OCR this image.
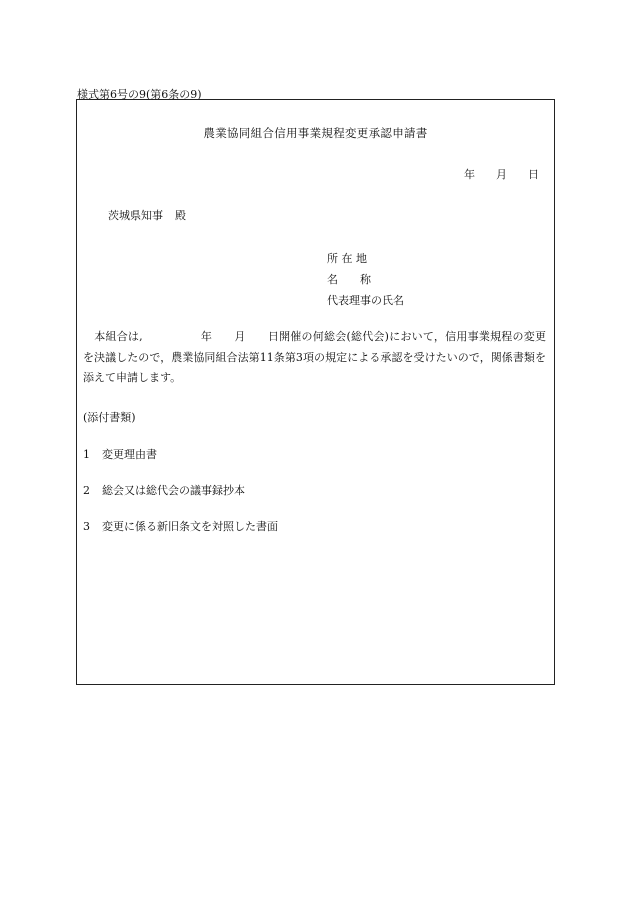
様式第6号の9(第6条の9)
農業協同組合信用事業規程変更承認申請書
年 月 日
茨城県知事 殿
所 在 地
名　　称
代表理事の氏名
本組合は,	年 月 日開催の何総会(総代会)において，信用事業規程の変更を決議したので，農業協同組合法第11条第3項の規定による承認を受けたいので，関係書類を添えて申請します。
(添付書類)
1 変更理由書
2 総会又は総代会の議事録抄本
3 変更に係る新旧条文を対照した書面
